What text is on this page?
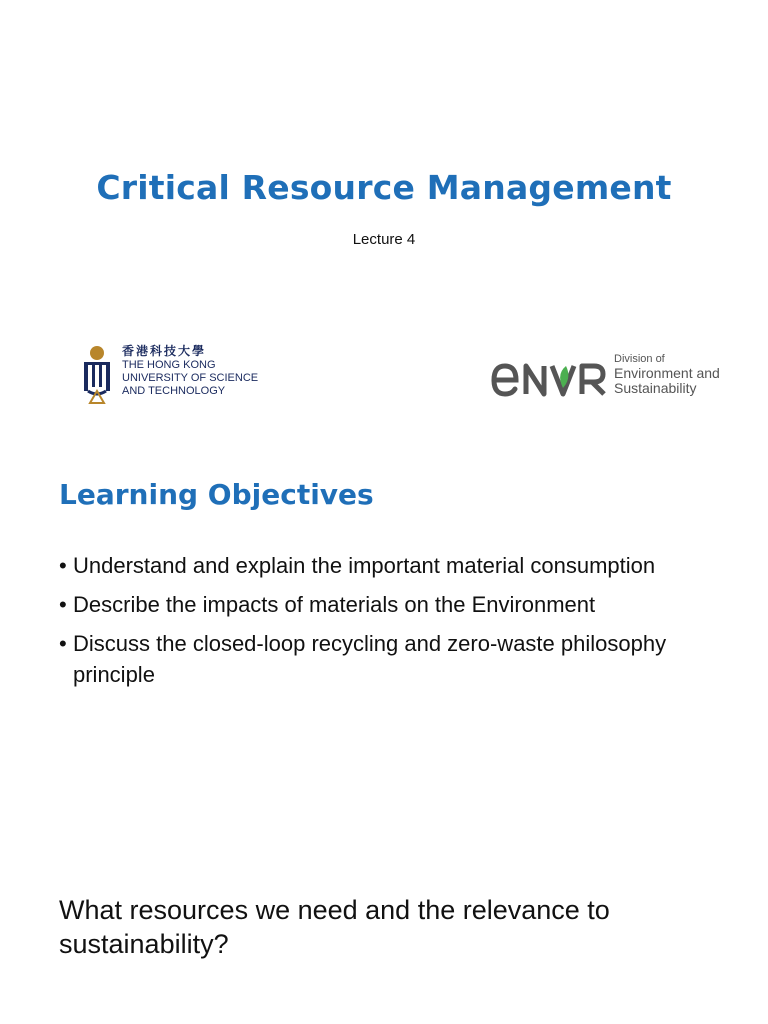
Critical Resource Management
Lecture 4
香港科技大學
THE HONG KONG
UNIVERSITY OF SCIENCE
AND TECHNOLOGY
Division of
Environment and
Sustainability
Learning Objectives
• Understand and explain the important material consumption
• Describe the impacts of materials on the Environment
• Discuss the closed-loop recycling and zero-waste philosophy principle
What resources we need and the relevance to sustainability?
